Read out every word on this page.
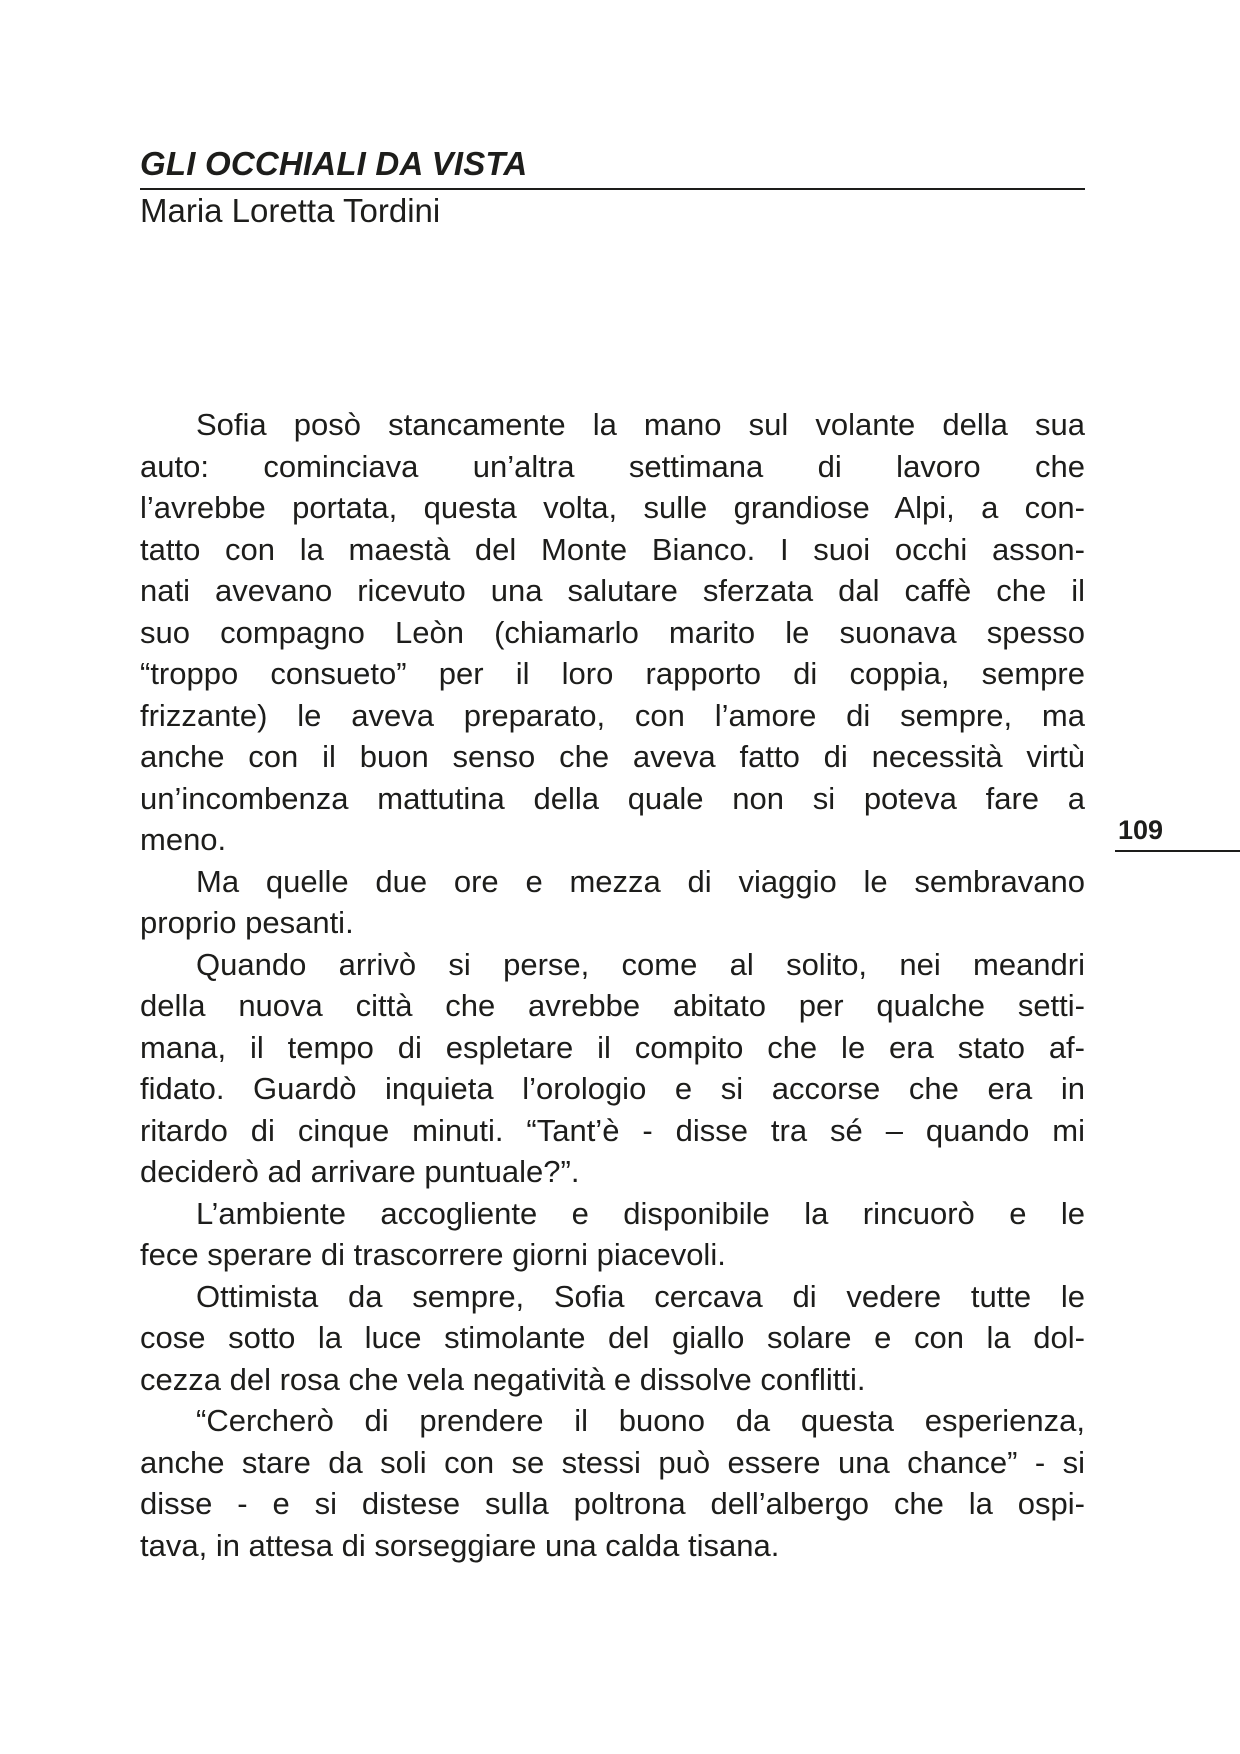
GLI OCCHIALI DA VISTA
Maria Loretta Tordini
Sofia posò stancamente la mano sul volante della sua
auto: cominciava un’altra settimana di lavoro che
l’avrebbe portata, questa volta, sulle grandiose Alpi, a con-
tatto con la maestà del Monte Bianco. I suoi occhi asson-
nati avevano ricevuto una salutare sferzata dal caffè che il
suo compagno Leòn (chiamarlo marito le suonava spesso
“troppo consueto” per il loro rapporto di coppia, sempre
frizzante) le aveva preparato, con l’amore di sempre, ma
anche con il buon senso che aveva fatto di necessità virtù
un’incombenza mattutina della quale non si poteva fare a
meno.
Ma quelle due ore e mezza di viaggio le sembravano
proprio pesanti.
Quando arrivò si perse, come al solito, nei meandri
della nuova città che avrebbe abitato per qualche setti-
mana, il tempo di espletare il compito che le era stato af-
fidato. Guardò inquieta l’orologio e si accorse che era in
ritardo di cinque minuti. “Tant’è - disse tra sé – quando mi
deciderò ad arrivare puntuale?”.
L’ambiente accogliente e disponibile la rincuorò e le
fece sperare di trascorrere giorni piacevoli.
Ottimista da sempre, Sofia cercava di vedere tutte le
cose sotto la luce stimolante del giallo solare e con la dol-
cezza del rosa che vela negatività e dissolve conflitti.
“Cercherò di prendere il buono da questa esperienza,
anche stare da soli con se stessi può essere una chance” - si
disse - e si distese sulla poltrona dell’albergo che la ospi-
tava, in attesa di sorseggiare una calda tisana.
109
